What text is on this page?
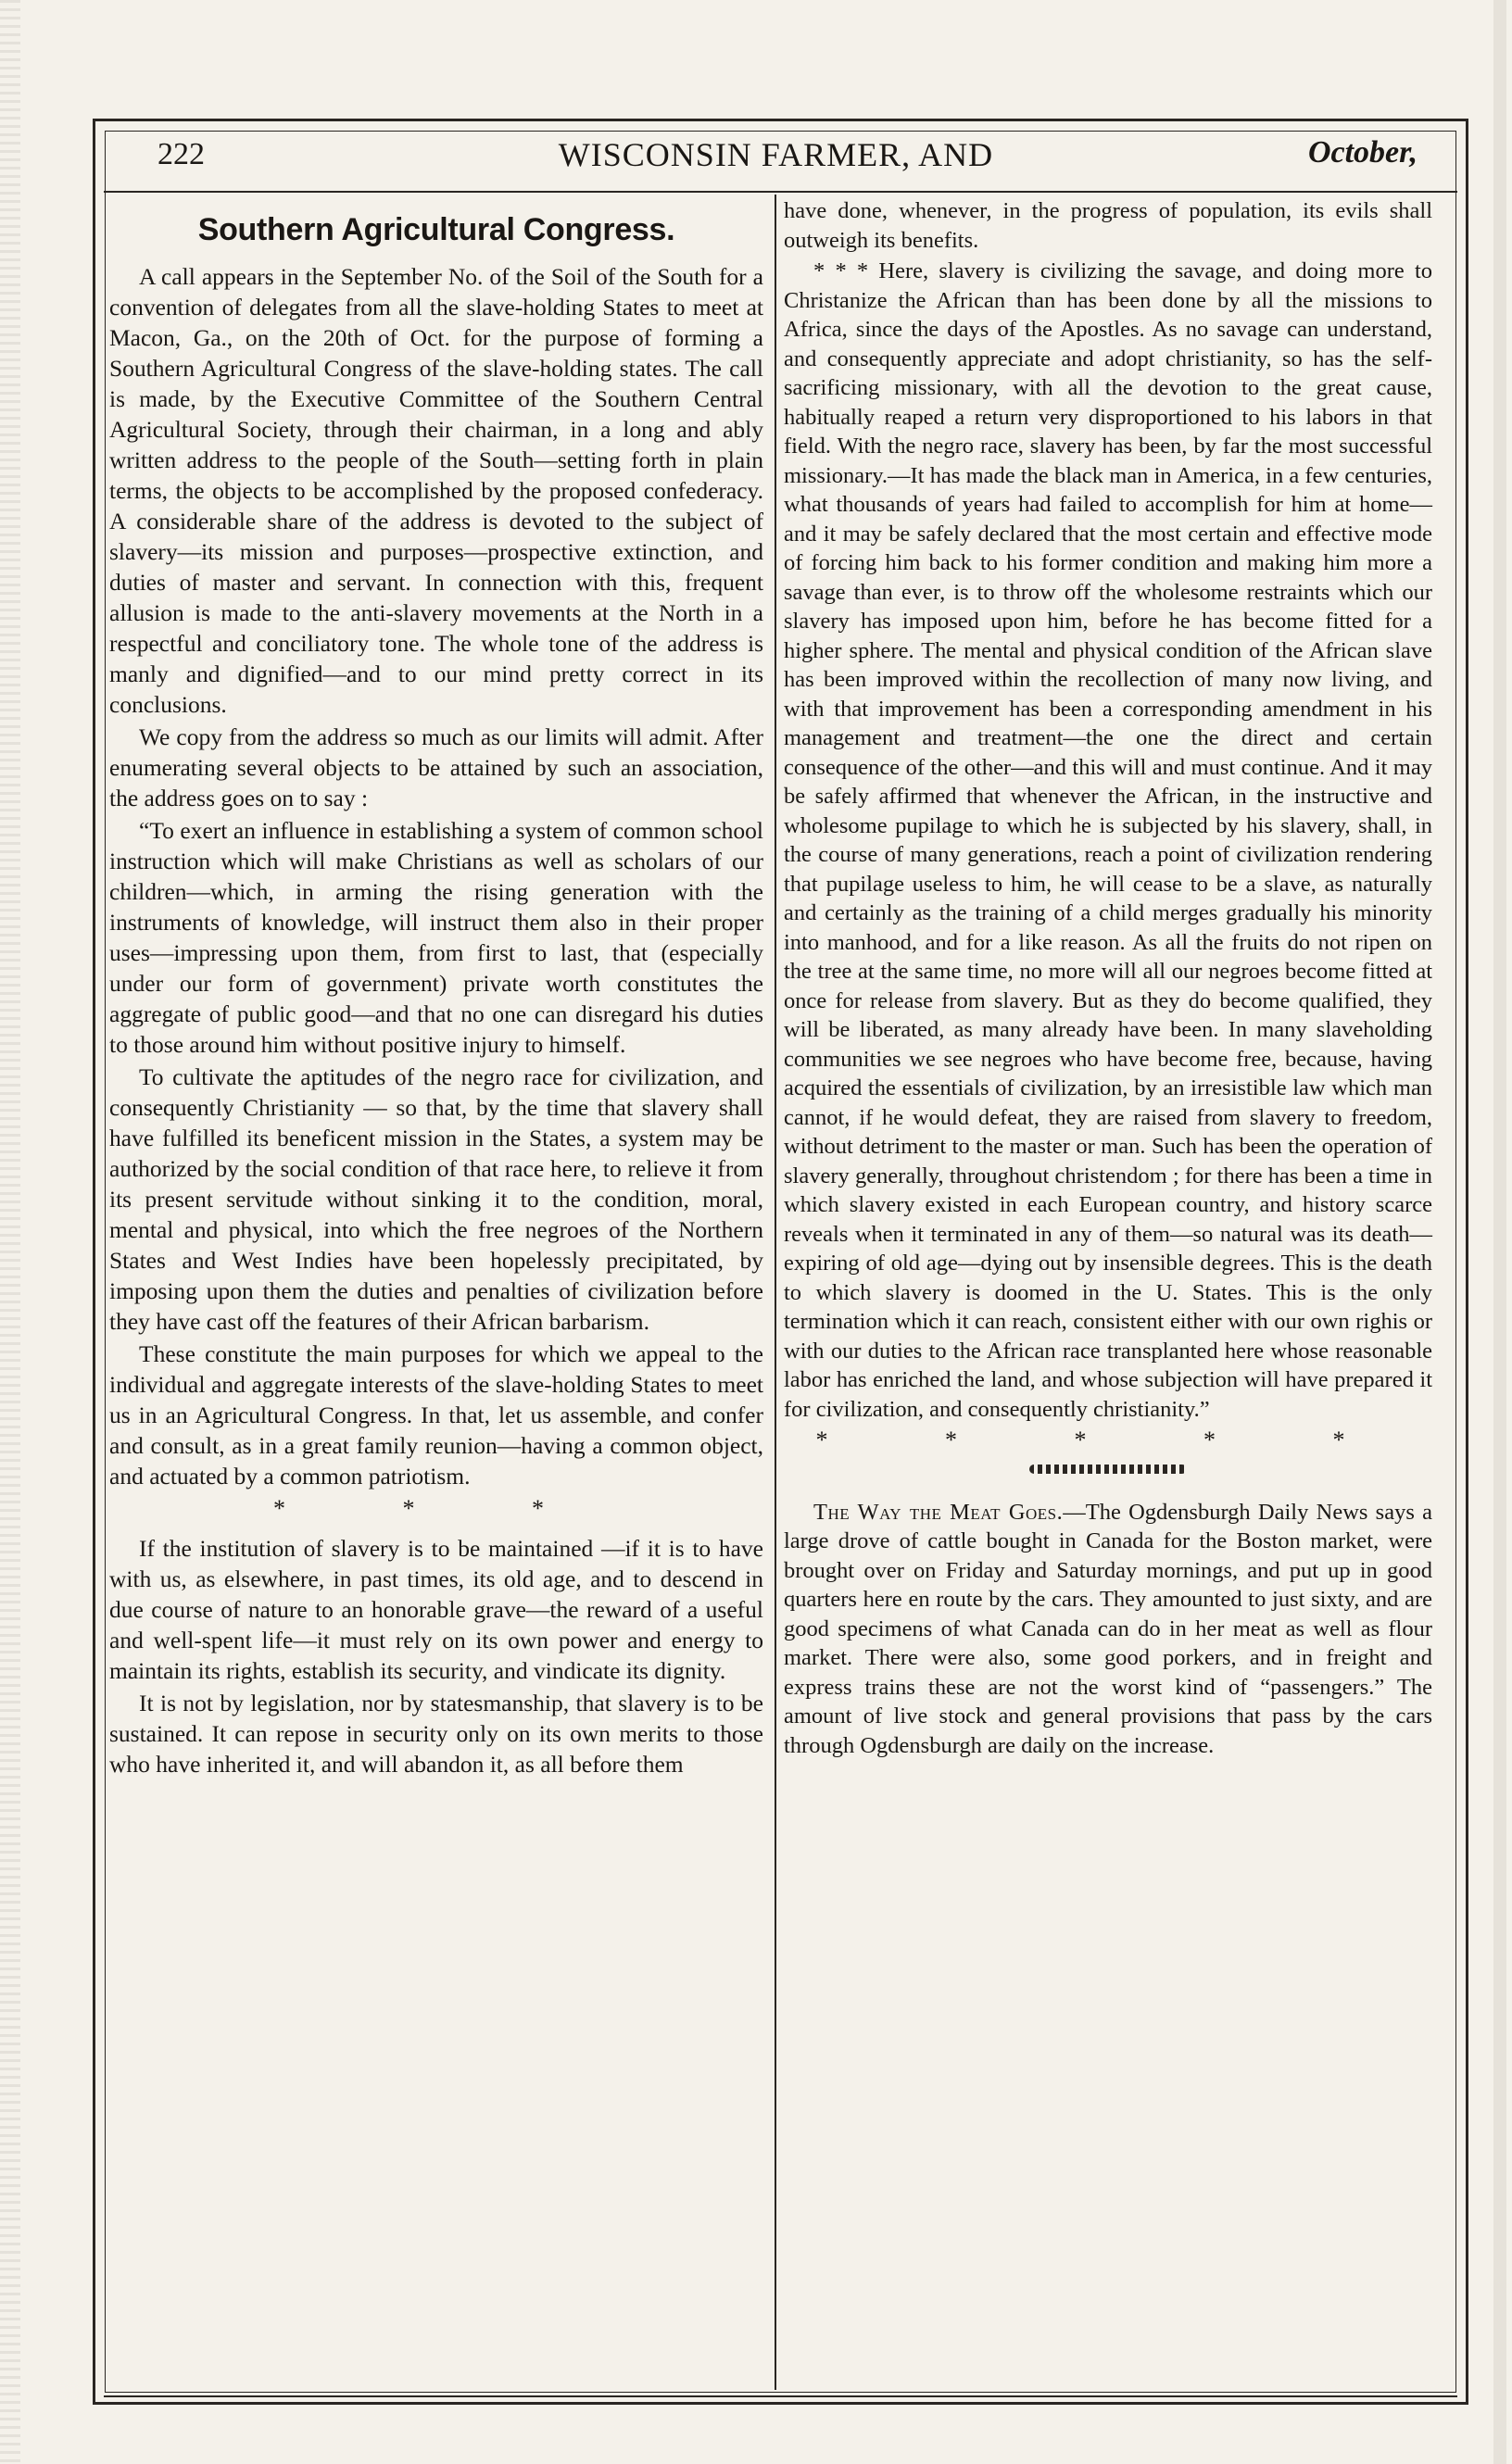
222	WISCONSIN FARMER, AND	October,
Southern Agricultural Congress.

A call appears in the September No. of the Soil of the South for a convention of delegates from all the slave-holding States to meet at Macon, Ga., on the 20th of Oct. for the purpose of forming a Southern Agricultural Congress of the slave-holding states. The call is made, by the Executive Committee of the Southern Central Agricultural Society, through their chairman, in a long and ably written address to the people of the South—setting forth in plain terms, the objects to be accomplished by the proposed confederacy. A considerable share of the address is devoted to the subject of slavery—its mission and purposes—prospective extinction, and duties of master and servant. In connection with this, frequent allusion is made to the anti-slavery movements at the North in a respectful and conciliatory tone. The whole tone of the address is manly and dignified—and to our mind pretty correct in its conclusions.

We copy from the address so much as our limits will admit. After enumerating several objects to be attained by such an association, the address goes on to say :

“To exert an influence in establishing a system of common school instruction which will make Christians as well as scholars of our children—which, in arming the rising generation with the instruments of knowledge, will instruct them also in their proper uses—impressing upon them, from first to last, that (especially under our form of government) private worth constitutes the aggregate of public good—and that no one can disregard his duties to those around him without positive injury to himself.

To cultivate the aptitudes of the negro race for civilization, and consequently Christianity — so that, by the time that slavery shall have fulfilled its beneficent mission in the States, a system may be authorized by the social condition of that race here, to relieve it from its present servitude without sinking it to the condition, moral, mental and physical, into which the free negroes of the Northern States and West Indies have been hopelessly precipitated, by imposing upon them the duties and penalties of civilization before they have cast off the features of their African barbarism.

These constitute the main purposes for which we appeal to the individual and aggregate interests of the slave-holding States to meet us in an Agricultural Congress. In that, let us assemble, and confer and consult, as in a great family reunion—having a common object, and actuated by a common patriotism.

* * *

If the institution of slavery is to be maintained —if it is to have with us, as elsewhere, in past times, its old age, and to descend in due course of nature to an honorable grave—the reward of a useful and well-spent life—it must rely on its own power and energy to maintain its rights, establish its security, and vindicate its dignity.

It is not by legislation, nor by statesmanship, that slavery is to be sustained. It can repose in security only on its own merits to those who have inherited it, and will abandon it, as all before them

have done, whenever, in the progress of population, its evils shall outweigh its benefits.

* * * Here, slavery is civilizing the savage, and doing more to Christanize the African than has been done by all the missions to Africa, since the days of the Apostles. As no savage can understand, and consequently appreciate and adopt christianity, so has the self-sacrificing missionary, with all the devotion to the great cause, habitually reaped a return very disproportioned to his labors in that field. With the negro race, slavery has been, by far the most successful missionary.—It has made the black man in America, in a few centuries, what thousands of years had failed to accomplish for him at home—and it may be safely declared that the most certain and effective mode of forcing him back to his former condition and making him more a savage than ever, is to throw off the wholesome restraints which our slavery has imposed upon him, before he has become fitted for a higher sphere. The mental and physical condition of the African slave has been improved within the recollection of many now living, and with that improvement has been a corresponding amendment in his management and treatment—the one the direct and certain consequence of the other—and this will and must continue. And it may be safely affirmed that whenever the African, in the instructive and wholesome pupilage to which he is subjected by his slavery, shall, in the course of many generations, reach a point of civilization rendering that pupilage useless to him, he will cease to be a slave, as naturally and certainly as the training of a child merges gradually his minority into manhood, and for a like reason. As all the fruits do not ripen on the tree at the same time, no more will all our negroes become fitted at once for release from slavery. But as they do become qualified, they will be liberated, as many already have been. In many slaveholding communities we see negroes who have become free, because, having acquired the essentials of civilization, by an irresistible law which man cannot, if he would defeat, they are raised from slavery to freedom, without detriment to the master or man. Such has been the operation of slavery generally, throughout christendom ; for there has been a time in which slavery existed in each European country, and history scarce reveals when it terminated in any of them—so natural was its death—expiring of old age—dying out by insensible degrees. This is the death to which slavery is doomed in the U. States. This is the only termination which it can reach, consistent either with our own righis or with our duties to the African race transplanted here whose reasonable labor has enriched the land, and whose subjection will have prepared it for civilization, and consequently christianity.”

* * * * *

The Way the Meat Goes.—The Ogdensburgh Daily News says a large drove of cattle bought in Canada for the Boston market, were brought over on Friday and Saturday mornings, and put up in good quarters here en route by the cars. They amounted to just sixty, and are good specimens of what Canada can do in her meat as well as flour market. There were also, some good porkers, and in freight and express trains these are not the worst kind of “passengers.” The amount of live stock and general provisions that pass by the cars through Ogdensburgh are daily on the increase.
